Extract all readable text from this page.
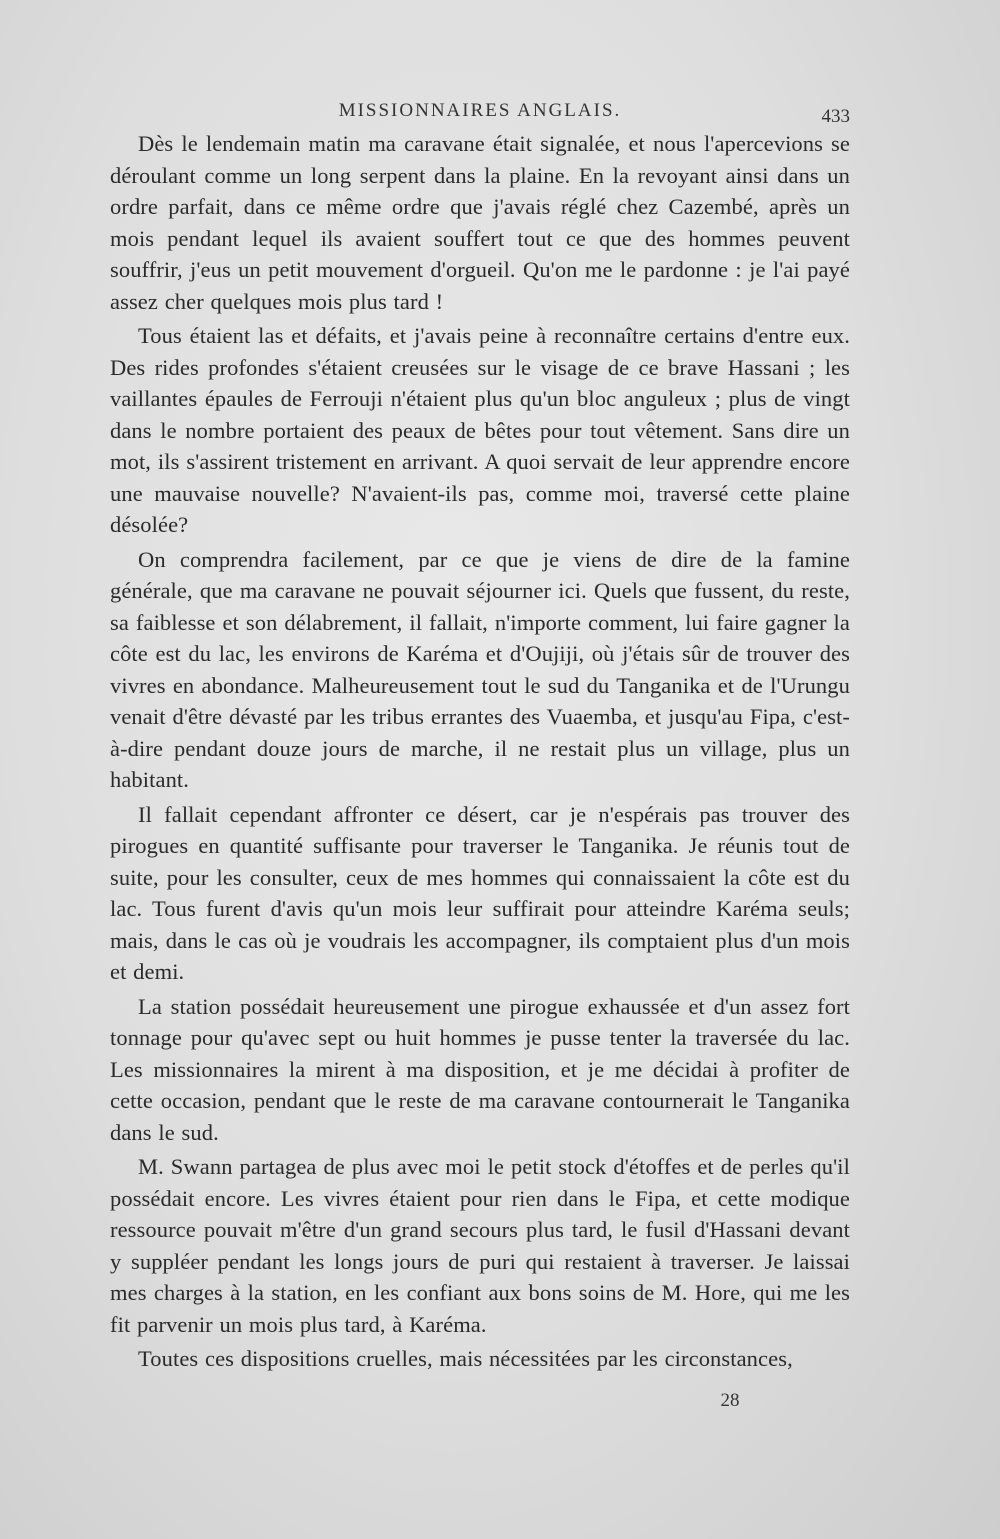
MISSIONNAIRES ANGLAIS.	433

Dès le lendemain matin ma caravane était signalée, et nous l'apercevions se déroulant comme un long serpent dans la plaine. En la revoyant ainsi dans un ordre parfait, dans ce même ordre que j'avais réglé chez Cazembé, après un mois pendant lequel ils avaient souffert tout ce que des hommes peuvent souffrir, j'eus un petit mouvement d'orgueil. Qu'on me le pardonne : je l'ai payé assez cher quelques mois plus tard !

Tous étaient las et défaits, et j'avais peine à reconnaître certains d'entre eux. Des rides profondes s'étaient creusées sur le visage de ce brave Hassani ; les vaillantes épaules de Ferrouji n'étaient plus qu'un bloc anguleux ; plus de vingt dans le nombre portaient des peaux de bêtes pour tout vêtement. Sans dire un mot, ils s'assirent tristement en arrivant. A quoi servait de leur apprendre encore une mauvaise nouvelle? N'avaient-ils pas, comme moi, traversé cette plaine désolée?

On comprendra facilement, par ce que je viens de dire de la famine générale, que ma caravane ne pouvait séjourner ici. Quels que fussent, du reste, sa faiblesse et son délabrement, il fallait, n'importe comment, lui faire gagner la côte est du lac, les environs de Karéma et d'Oujiji, où j'étais sûr de trouver des vivres en abondance. Malheureusement tout le sud du Tanganika et de l'Urungu venait d'être dévasté par les tribus errantes des Vuaemba, et jusqu'au Fipa, c'est-à-dire pendant douze jours de marche, il ne restait plus un village, plus un habitant.

Il fallait cependant affronter ce désert, car je n'espérais pas trouver des pirogues en quantité suffisante pour traverser le Tanganika. Je réunis tout de suite, pour les consulter, ceux de mes hommes qui connaissaient la côte est du lac. Tous furent d'avis qu'un mois leur suffirait pour atteindre Karéma seuls; mais, dans le cas où je voudrais les accompagner, ils comptaient plus d'un mois et demi.

La station possédait heureusement une pirogue exhaussée et d'un assez fort tonnage pour qu'avec sept ou huit hommes je pusse tenter la traversée du lac. Les missionnaires la mirent à ma disposition, et je me décidai à profiter de cette occasion, pendant que le reste de ma caravane contournerait le Tanganika dans le sud.

M. Swann partagea de plus avec moi le petit stock d'étoffes et de perles qu'il possédait encore. Les vivres étaient pour rien dans le Fipa, et cette modique ressource pouvait m'être d'un grand secours plus tard, le fusil d'Hassani devant y suppléer pendant les longs jours de puri qui restaient à traverser. Je laissai mes charges à la station, en les confiant aux bons soins de M. Hore, qui me les fit parvenir un mois plus tard, à Karéma.

Toutes ces dispositions cruelles, mais nécessitées par les circonstances,

28
